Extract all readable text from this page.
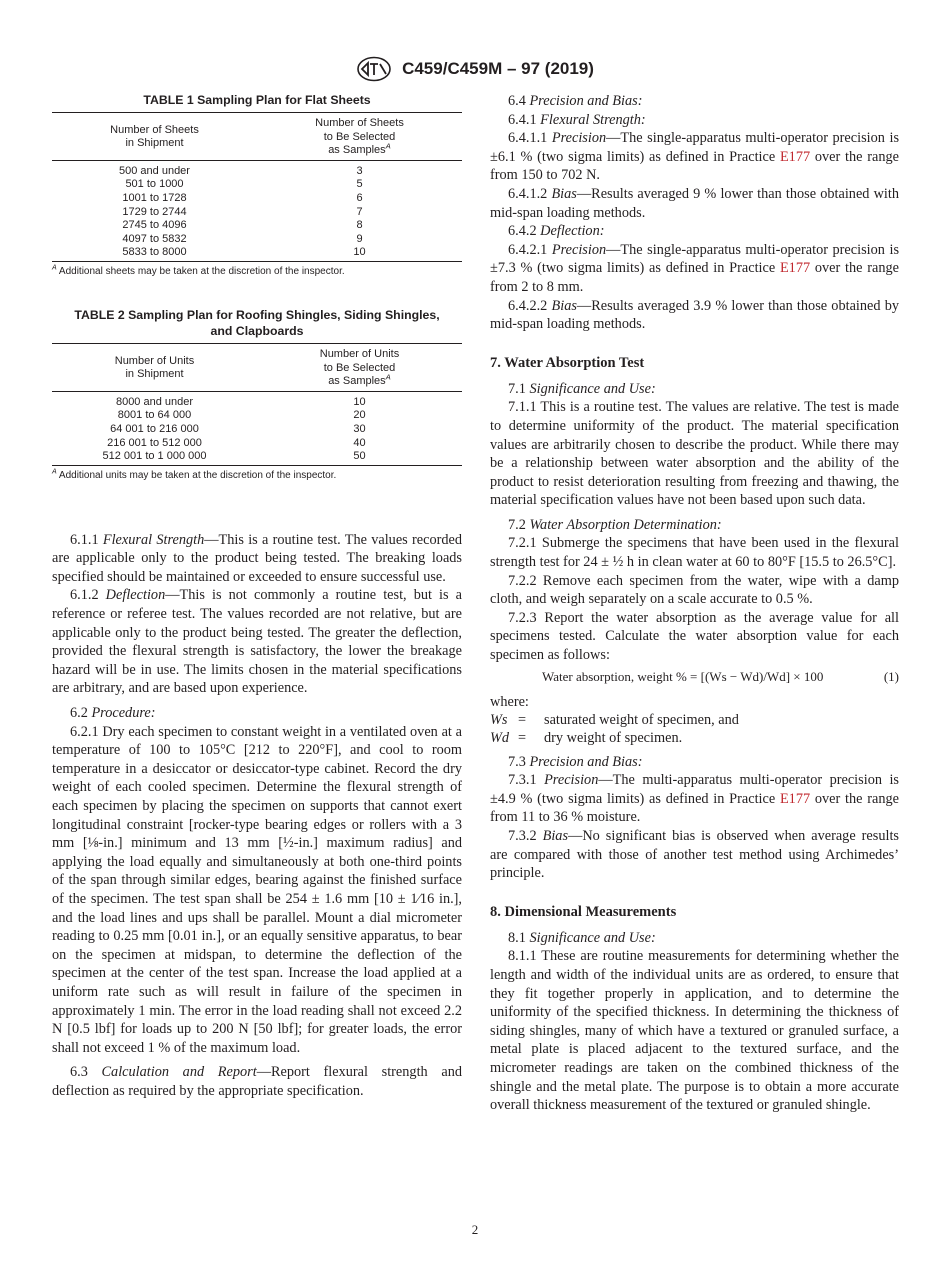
C459/C459M – 97 (2019)

TABLE 1 Sampling Plan for Flat Sheets

Number of Sheets
in Shipment	Number of Sheets
to Be Selected
as Samples$^A$
500 and under	3
501 to 1000	5
1001 to 1728	6
1729 to 2744	7
2745 to 4096	8
4097 to 5832	9
5833 to 8000	10

$^A$ Additional sheets may be taken at the discretion of the inspector.

TABLE 2 Sampling Plan for Roofing Shingles, Siding Shingles,
and Clapboards

Number of Units
in Shipment	Number of Units
to Be Selected
as Samples$^A$
8000 and under	10
8001 to 64 000	20
64 001 to 216 000	30
216 001 to 512 000	40
512 001 to 1 000 000	50

$^A$ Additional units may be taken at the discretion of the inspector.

6.1.1 Flexural Strength—This is a routine test. The values recorded are applicable only to the product being tested. The breaking loads specified should be maintained or exceeded to ensure successful use.

6.1.2 Deflection—This is not commonly a routine test, but is a reference or referee test. The values recorded are not relative, but are applicable only to the product being tested. The greater the deflection, provided the flexural strength is satisfactory, the lower the breakage hazard will be in use. The limits chosen in the material specifications are arbitrary, and are based upon experience.

6.2 Procedure:

6.2.1 Dry each specimen to constant weight in a ventilated oven at a temperature of 100 to 105°C [212 to 220°F], and cool to room temperature in a desiccator or desiccator-type cabinet. Record the dry weight of each cooled specimen. Determine the flexural strength of each specimen by placing the specimen on supports that cannot exert longitudinal constraint [rocker-type bearing edges or rollers with a 3 mm [⅛-in.] minimum and 13 mm [½-in.] maximum radius] and applying the load equally and simultaneously at both one-third points of the span through similar edges, bearing against the finished surface of the specimen. The test span shall be 254 ± 1.6 mm [10 ± 1⁄16 in.], and the load lines and ups shall be parallel. Mount a dial micrometer reading to 0.25 mm [0.01 in.], or an equally sensitive apparatus, to bear on the specimen at midspan, to determine the deflection of the specimen at the center of the test span. Increase the load applied at a uniform rate such as will result in failure of the specimen in approximately 1 min. The error in the load reading shall not exceed 2.2 N [0.5 lbf] for loads up to 200 N [50 lbf]; for greater loads, the error shall not exceed 1 % of the maximum load.

6.3 Calculation and Report—Report flexural strength and deflection as required by the appropriate specification.

6.4 Precision and Bias:

6.4.1 Flexural Strength:

6.4.1.1 Precision—The single-apparatus multi-operator precision is ±6.1 % (two sigma limits) as defined in Practice E177 over the range from 150 to 702 N.

6.4.1.2 Bias—Results averaged 9 % lower than those obtained with mid-span loading methods.

6.4.2 Deflection:

6.4.2.1 Precision—The single-apparatus multi-operator precision is ±7.3 % (two sigma limits) as defined in Practice E177 over the range from 2 to 8 mm.

6.4.2.2 Bias—Results averaged 3.9 % lower than those obtained by mid-span loading methods.

7. Water Absorption Test

7.1 Significance and Use:

7.1.1 This is a routine test. The values are relative. The test is made to determine uniformity of the product. The material specification values are arbitrarily chosen to describe the product. While there may be a relationship between water absorption and the ability of the product to resist deterioration resulting from freezing and thawing, the material specification values have not been based upon such data.

7.2 Water Absorption Determination:

7.2.1 Submerge the specimens that have been used in the flexural strength test for 24 ± ½ h in clean water at 60 to 80°F [15.5 to 26.5°C].

7.2.2 Remove each specimen from the water, wipe with a damp cloth, and weigh separately on a scale accurate to 0.5 %.

7.2.3 Report the water absorption as the average value for all specimens tested. Calculate the water absorption value for each specimen as follows:

Water absorption, weight % = [(Ws − Wd)/Wd] × 100	(1)

where:

Ws =	saturated weight of specimen, and
Wd =	dry weight of specimen.

7.3 Precision and Bias:

7.3.1 Precision—The multi-apparatus multi-operator precision is ±4.9 % (two sigma limits) as defined in Practice E177 over the range from 11 to 36 % moisture.

7.3.2 Bias—No significant bias is observed when average results are compared with those of another test method using Archimedes’ principle.

8. Dimensional Measurements

8.1 Significance and Use:

8.1.1 These are routine measurements for determining whether the length and width of the individual units are as ordered, to ensure that they fit together properly in application, and to determine the uniformity of the specified thickness. In determining the thickness of siding shingles, many of which have a textured or granuled surface, a metal plate is placed adjacent to the textured surface, and the micrometer readings are taken on the combined thickness of the shingle and the metal plate. The purpose is to obtain a more accurate overall thickness measurement of the textured or granuled shingle.

2
